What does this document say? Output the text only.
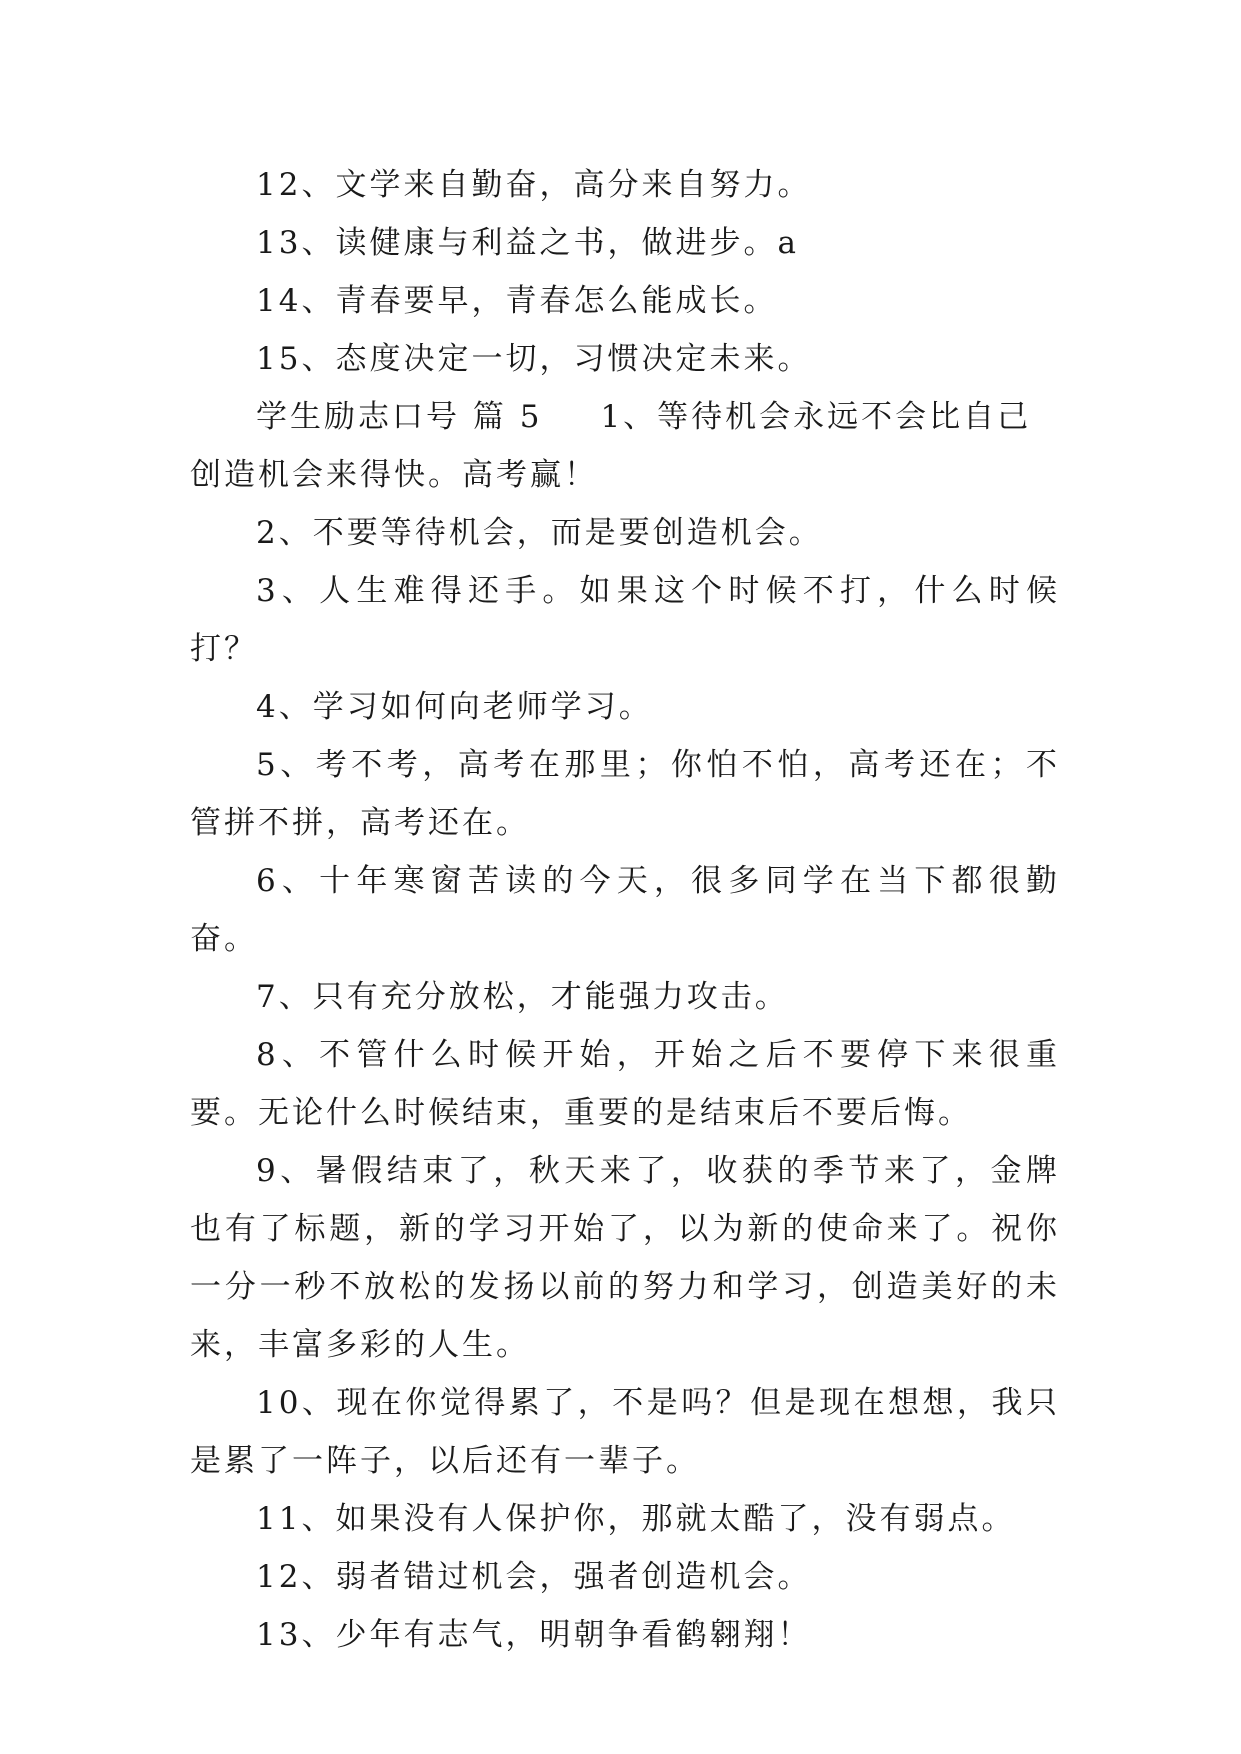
12、文学来自勤奋，高分来自努力。

13、读健康与利益之书，做进步。a

14、青春要早，青春怎么能成长。

15、态度决定一切，习惯决定未来。

学生励志口号 篇 5 1、等待机会永远不会比自己创造机会来得快。高考赢！

2、不要等待机会，而是要创造机会。

3、人生难得还手。如果这个时候不打，什么时候打？

4、学习如何向老师学习。

5、考不考，高考在那里；你怕不怕，高考还在；不管拼不拼，高考还在。

6、十年寒窗苦读的今天，很多同学在当下都很勤奋。

7、只有充分放松，才能强力攻击。

8、不管什么时候开始，开始之后不要停下来很重要。无论什么时候结束，重要的是结束后不要后悔。

9、暑假结束了，秋天来了，收获的季节来了，金牌也有了标题，新的学习开始了，以为新的使命来了。祝你一分一秒不放松的发扬以前的努力和学习，创造美好的未来，丰富多彩的人生。

10、现在你觉得累了，不是吗？但是现在想想，我只是累了一阵子，以后还有一辈子。

11、如果没有人保护你，那就太酷了，没有弱点。

12、弱者错过机会，强者创造机会。

13、少年有志气，明朝争看鹤翱翔！
